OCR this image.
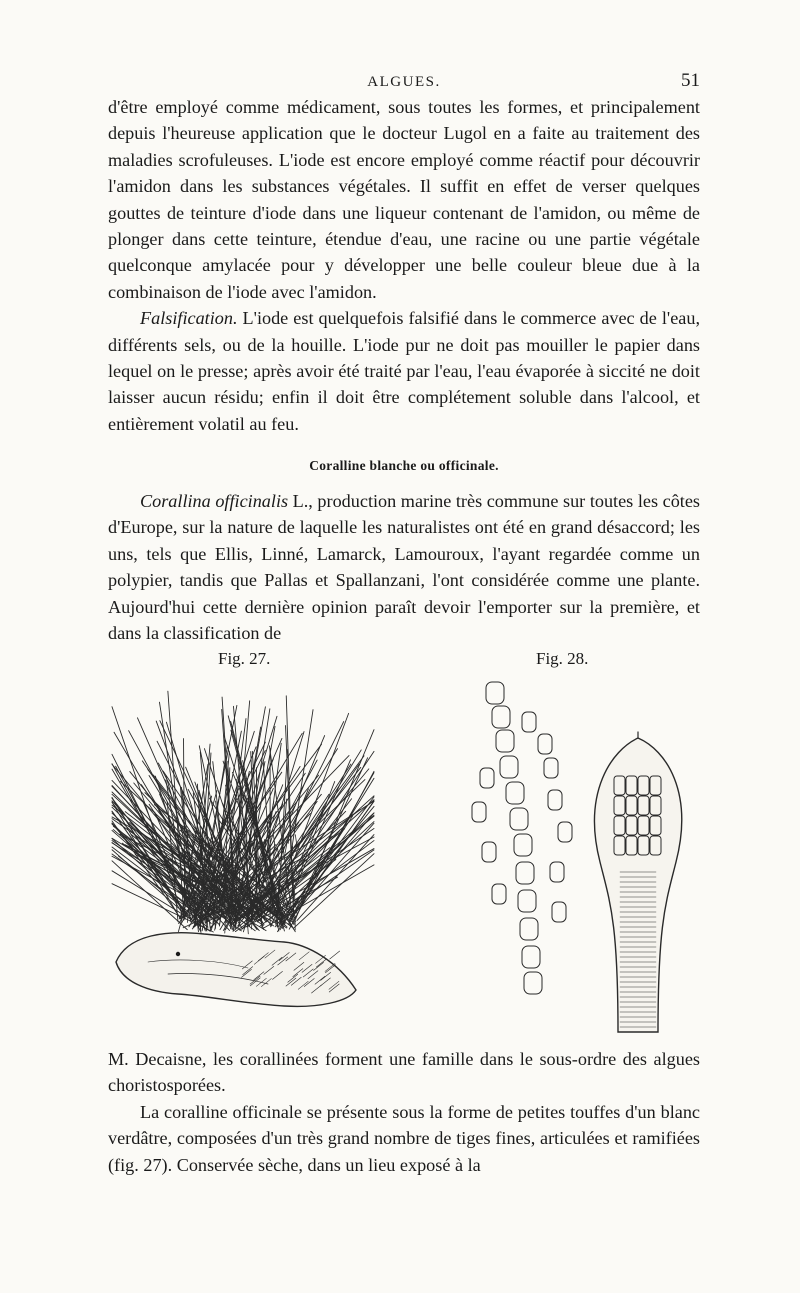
ALGUES.	51

d'être employé comme médicament, sous toutes les formes, et principalement depuis l'heureuse application que le docteur Lugol en a faite au traitement des maladies scrofuleuses. L'iode est encore employé comme réactif pour découvrir l'amidon dans les substances végétales. Il suffit en effet de verser quelques gouttes de teinture d'iode dans une liqueur contenant de l'amidon, ou même de plonger dans cette teinture, étendue d'eau, une racine ou une partie végétale quelconque amylacée pour y développer une belle couleur bleue due à la combinaison de l'iode avec l'amidon.

Falsification. L'iode est quelquefois falsifié dans le commerce avec de l'eau, différents sels, ou de la houille. L'iode pur ne doit pas mouiller le papier dans lequel on le presse; après avoir été traité par l'eau, l'eau évaporée à siccité ne doit laisser aucun résidu; enfin il doit être complétement soluble dans l'alcool, et entièrement volatil au feu.

Coralline blanche ou officinale.

Corallina officinalis L., production marine très commune sur toutes les côtes d'Europe, sur la nature de laquelle les naturalistes ont été en grand désaccord; les uns, tels que Ellis, Linné, Lamarck, Lamouroux, l'ayant regardée comme un polypier, tandis que Pallas et Spallanzani, l'ont considérée comme une plante. Aujourd'hui cette dernière opinion paraît devoir l'emporter sur la première, et dans la classification de

Fig. 27.	Fig. 28.

M. Decaisne, les corallinées forment une famille dans le sous-ordre des algues choristosporées.

La coralline officinale se présente sous la forme de petites touffes d'un blanc verdâtre, composées d'un très grand nombre de tiges fines, articulées et ramifiées (fig. 27). Conservée sèche, dans un lieu exposé à la
